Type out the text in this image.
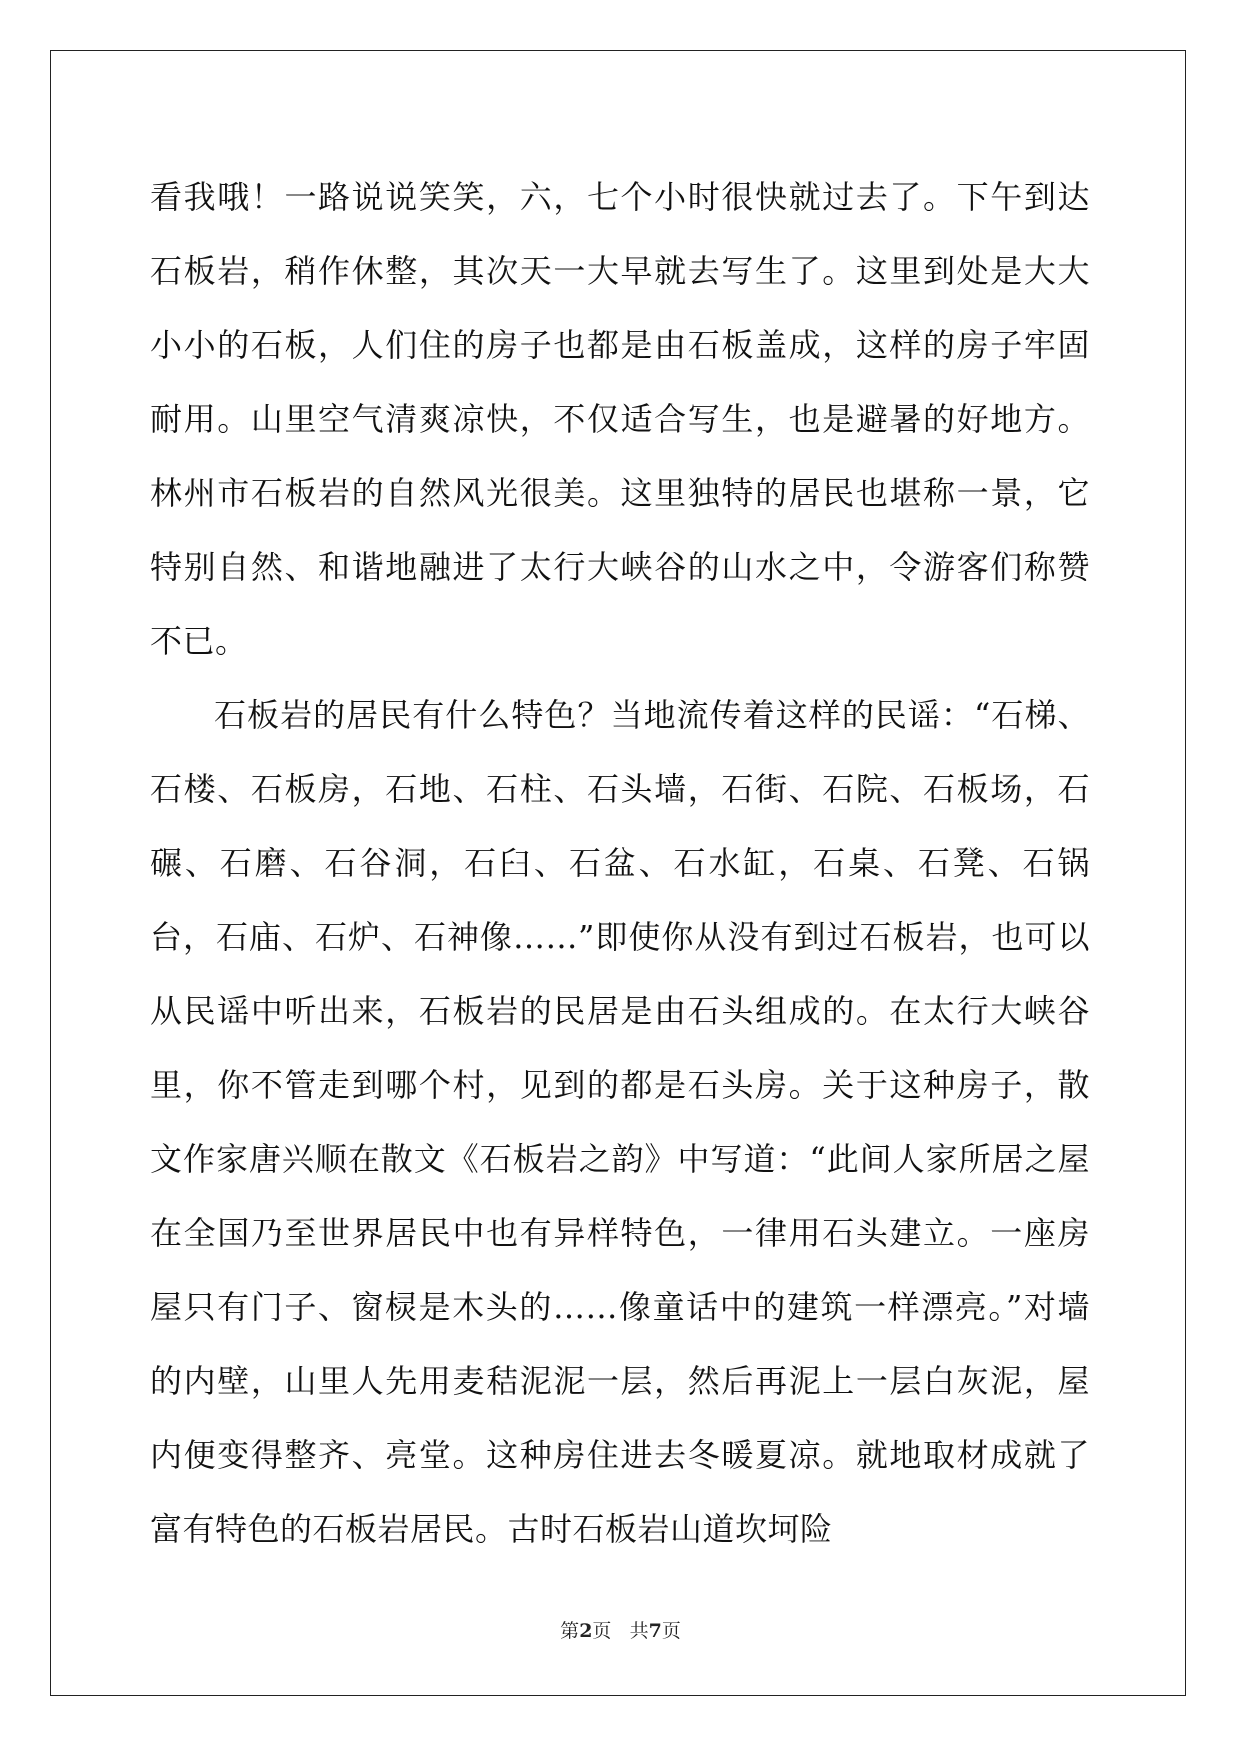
看我哦！一路说说笑笑，六，七个小时很快就过去了。下午到达石板岩，稍作休整，其次天一大早就去写生了。这里到处是大大小小的石板，人们住的房子也都是由石板盖成，这样的房子牢固耐用。山里空气清爽凉快，不仅适合写生，也是避暑的好地方。林州市石板岩的自然风光很美。这里独特的居民也堪称一景，它特别自然、和谐地融进了太行大峡谷的山水之中，令游客们称赞不已。

石板岩的居民有什么特色？当地流传着这样的民谣：“石梯、石楼、石板房，石地、石柱、石头墙，石街、石院、石板场，石碾、石磨、石谷洞，石臼、石盆、石水缸，石桌、石凳、石锅台，石庙、石炉、石神像……”即使你从没有到过石板岩，也可以从民谣中听出来，石板岩的民居是由石头组成的。在太行大峡谷里，你不管走到哪个村，见到的都是石头房。关于这种房子，散文作家唐兴顺在散文《石板岩之韵》中写道：“此间人家所居之屋在全国乃至世界居民中也有异样特色，一律用石头建立。一座房屋只有门子、窗棂是木头的……像童话中的建筑一样漂亮。”对墙的内壁，山里人先用麦秸泥泥一层，然后再泥上一层白灰泥，屋内便变得整齐、亮堂。这种房住进去冬暖夏凉。就地取材成就了富有特色的石板岩居民。古时石板岩山道坎坷险

第2页 共7页
